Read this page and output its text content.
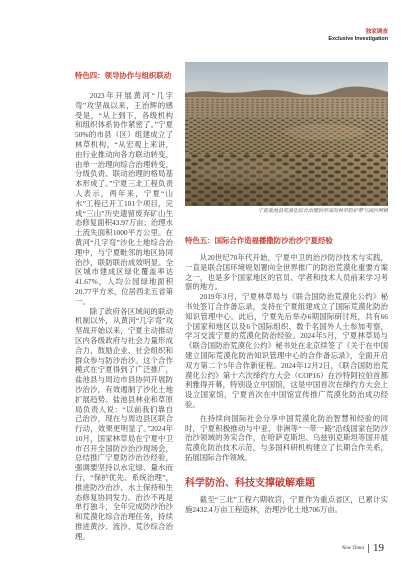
独家调查
Exclusive Investigation
特色四：领导协作与组织联动

2023年开展黄河“几字弯”攻坚战以来，王治辉的感受是，“从上到下，各级机构和组织体系协作紧密了。”宁夏50%的市县（区）组建成立了林草机构。“从宏观上来讲，由行业推动向各方联动转变，由单一治理向综合治理转变，分级负责、联动治理的格局基本形成了。”宁夏三北工程负责人表示，两年来，宁夏“山水”工程已开工101个项目，完成“三山”历史遗留废弃矿山生态修复面积43.97万亩；治理水土流失面积1000平方公里。在黄河“几字弯”沙化土地综合治理中，与宁夏毗邻的地区协同治沙，联防联治成效明显。全区城市建成区绿化覆盖率达41.67%，人均公园绿地面积20.77平方米，位居西北五省第一。

除了政府各区域间的联动机制以外，从黄河“几字弯”攻坚战开始以来，宁夏主动推动区内各级政府与社会力量形成合力，鼓励企业、社会组织和群众参与防沙治沙。这个合作模式在宁夏得到了广泛推广，盐池县与周边市县协同开展防沙治沙，有效遏制了沙化土地扩展趋势。盐池县林业和草原局负责人说：“以前我们靠自己治沙，现在与周边县区联合行动，效果更明显了。”2024年10月，国家林草局在宁夏中卫市召开全国防沙治沙现场会，总结推广宁夏防沙治沙经验，强调要坚持以水定绿、量水而行，“保护优先、系统治理”，推进防沙治沙、水土保持和生态修复协同发力。治沙不再是单打独斗，全年完成防沙治沙和荒漠化综合治理任务，持续推进黄沙、流沙、荒沙综合治理。

宁夏盐池县荒漠化综合治理后形成的林草防护带与固沙网格
特色五：国际合作造福播撒防沙治沙宁夏经验

从20世纪70年代开始，宁夏中卫的治沙防沙技术与实践，一直是联合国环境规划署向全世界推广的防治荒漠化重要方案之一，也是多个国家地区的官员、学者和技术人员前来学习考察的地方。

2019年3月，宁夏林草局与《联合国防治荒漠化公约》秘书处签订合作备忘录，支持在宁夏组建成立了国际荒漠化防治知识管理中心。此后，宁夏先后举办6期国际研讨班，共有66个国家和地区以及6个国际组织、数千名国外人士参加考察，学习交流宁夏的荒漠化防治经验。2024年5月，宁夏林草局与《联合国防治荒漠化公约》秘书处在北京续签了《关于在中国建立国际荒漠化防治知识管理中心的合作备忘录》，全面开启双方第二个5年合作新征程。2024年12月2日，《联合国防治荒漠化公约》第十六次缔约方大会（COP16）在沙特阿拉伯首都利雅得开幕，特别设立中国馆，这是中国首次在缔约方大会上设立国家馆，宁夏首次在中国馆宣传推广荒漠化防治成功经验。

在持续向国际社会分享中国荒漠化防治智慧和经验的同时，宁夏积极推动与中亚、非洲等“一带一路”沿线国家在防沙治沙领域的务实合作，在哈萨克斯坦、乌兹别克斯坦等国开展荒漠化防治技术示范，与多国科研机构建立了长期合作关系，拓展国际合作领域。

科学防治、科技支撑破解难题

截至“三北”工程六期收官，宁夏作为重点省区，已累计实施2432.4万亩工程造林，治理沙化土地706万亩。

New Times 19
